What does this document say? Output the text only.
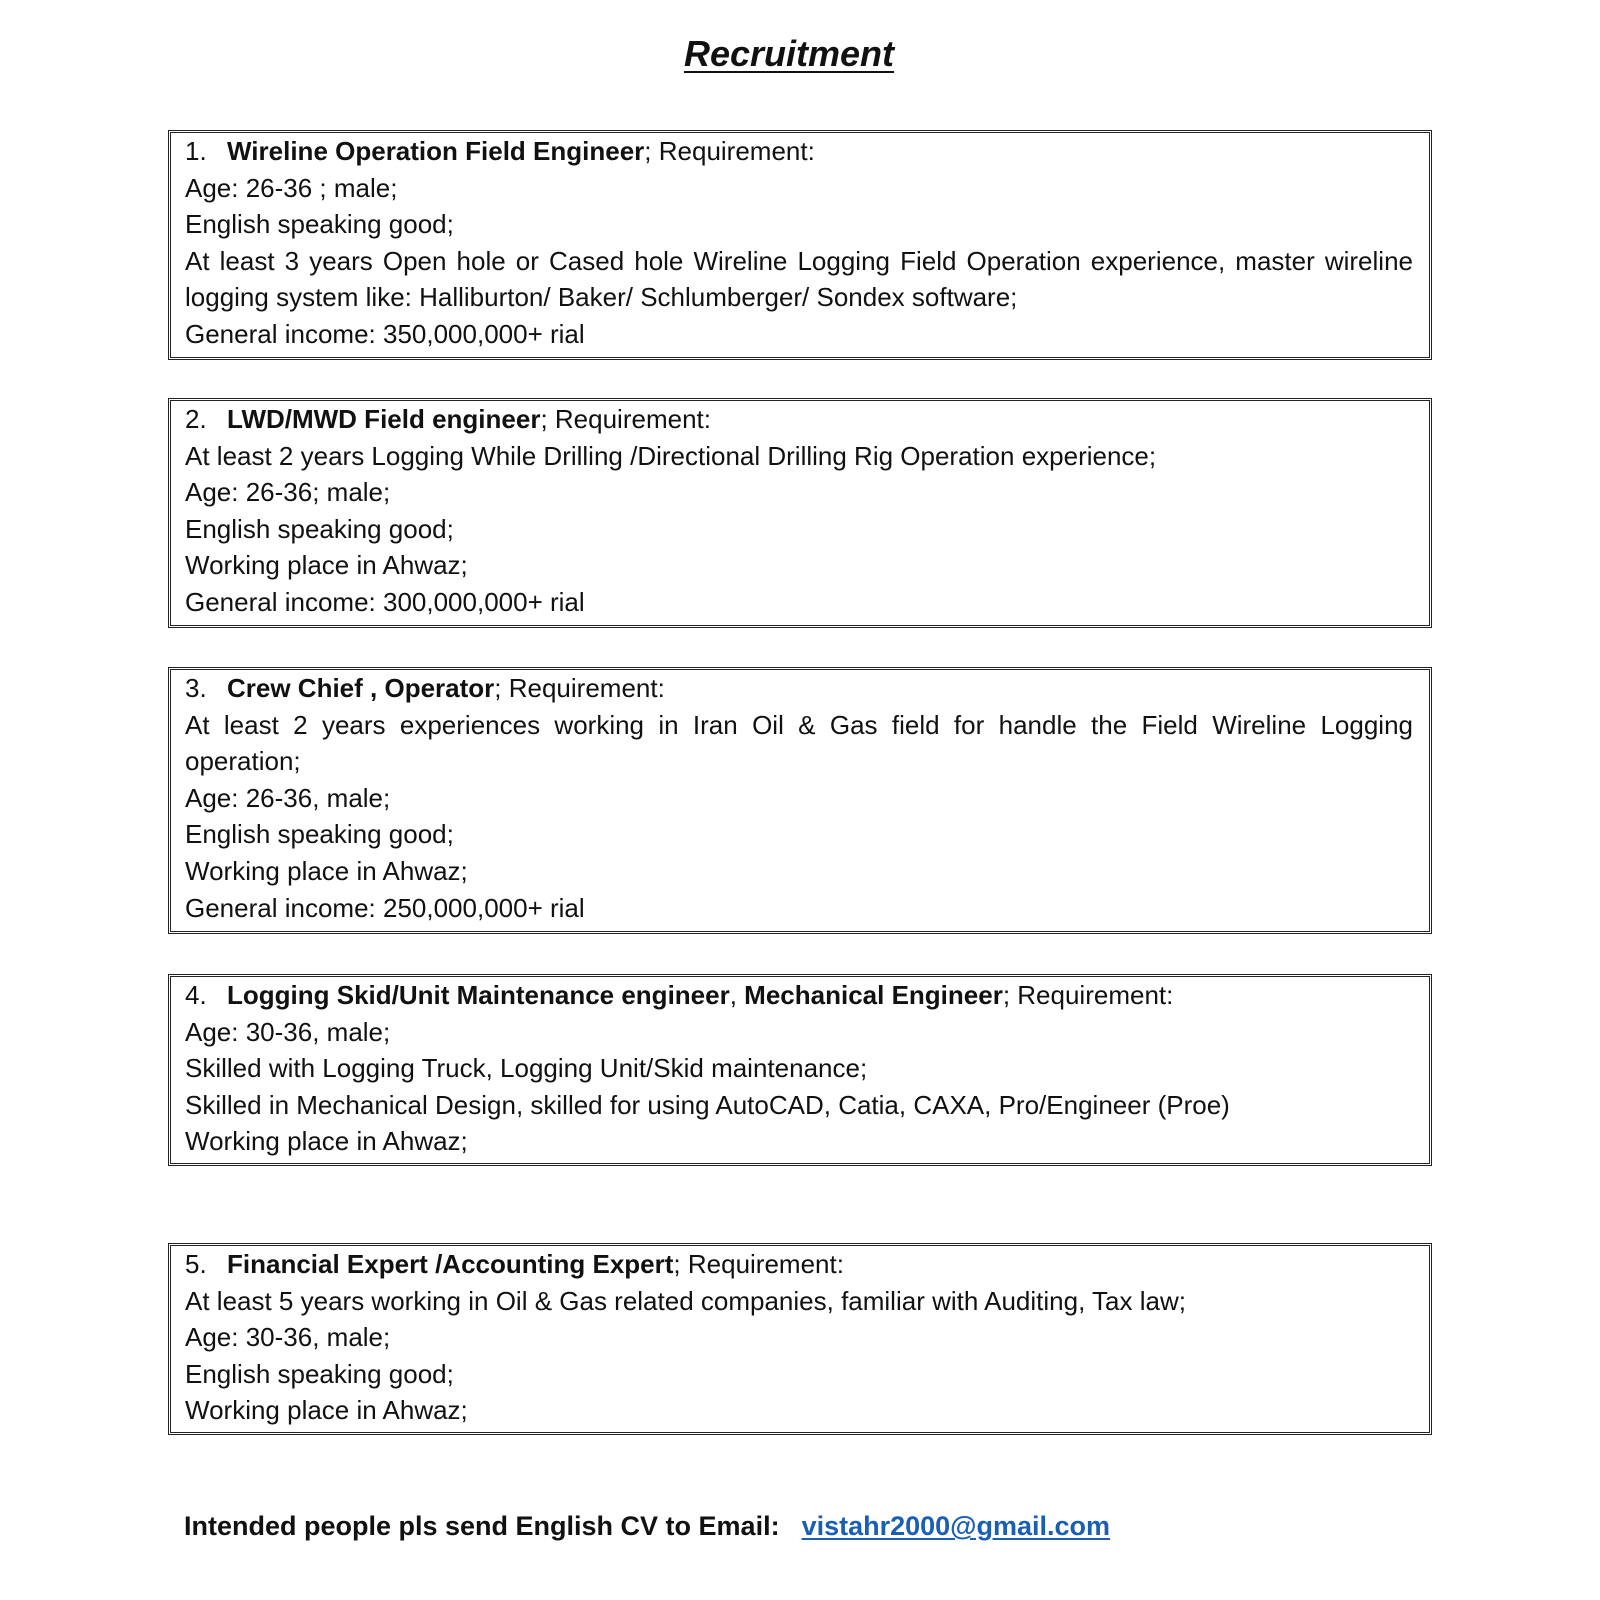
Recruitment

1. Wireline Operation Field Engineer; Requirement:

Age: 26-36 ; male;

English speaking good;

At least 3 years Open hole or Cased hole Wireline Logging Field Operation experience, master wireline logging system like: Halliburton/ Baker/ Schlumberger/ Sondex software;

General income: 350,000,000+ rial

2. LWD/MWD Field engineer; Requirement:

At least 2 years Logging While Drilling /Directional Drilling Rig Operation experience;

Age: 26-36; male;

English speaking good;

Working place in Ahwaz;

General income: 300,000,000+ rial

3. Crew Chief , Operator; Requirement:

At least 2 years experiences working in Iran Oil & Gas field for handle the Field Wireline Logging operation;

Age: 26-36, male;

English speaking good;

Working place in Ahwaz;

General income: 250,000,000+ rial

4. Logging Skid/Unit Maintenance engineer, Mechanical Engineer; Requirement:

Age: 30-36, male;

Skilled with Logging Truck, Logging Unit/Skid maintenance;

Skilled in Mechanical Design, skilled for using AutoCAD, Catia, CAXA, Pro/Engineer (Proe)

Working place in Ahwaz;

5. Financial Expert /Accounting Expert; Requirement:

At least 5 years working in Oil & Gas related companies, familiar with Auditing, Tax law;

Age: 30-36, male;

English speaking good;

Working place in Ahwaz;

Intended people pls send English CV to Email: vistahr2000@gmail.com
